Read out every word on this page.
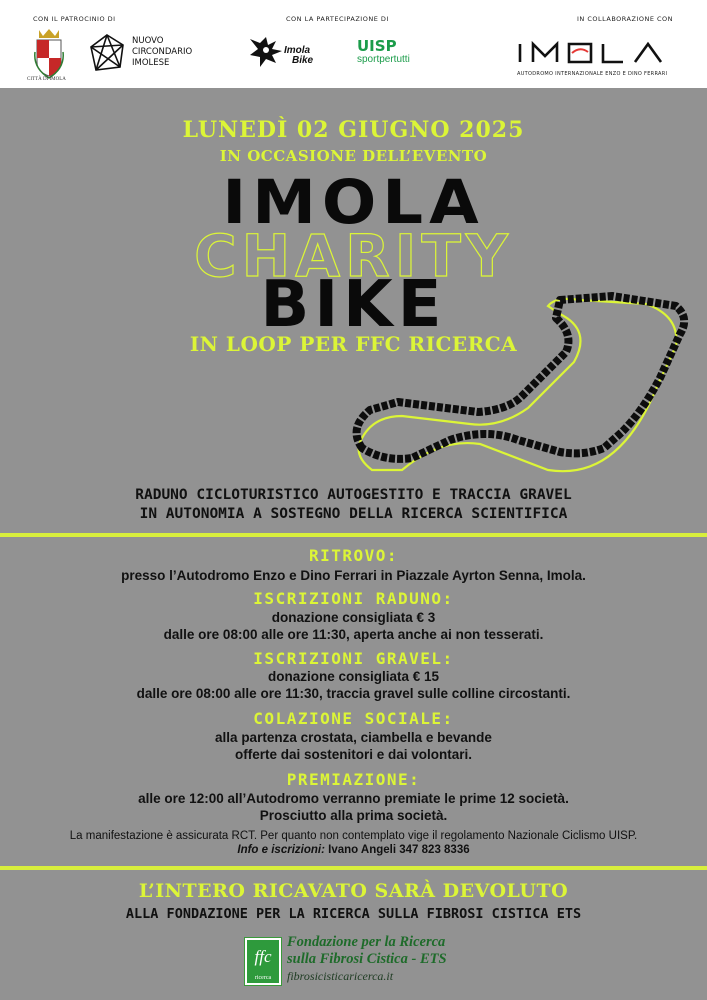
CON IL PATROCINIO DI	CON LA PARTECIPAZIONE DI	IN COLLABORAZIONE CON
CITTÀ DI IMOLA
NUOVO
CIRCONDARIO
IMOLESE
Imola
Bike
UISP
sportpertutti
AUTODROMO INTERNAZIONALE ENZO E DINO FERRARI
LUNEDÌ 02 GIUGNO 2025
IN OCCASIONE DELL’EVENTO
IMOLA
CHARITY
BIKE
IN LOOP PER FFC RICERCA
RADUNO CICLOTURISTICO AUTOGESTITO E TRACCIA GRAVEL
IN AUTONOMIA A SOSTEGNO DELLA RICERCA SCIENTIFICA
RITROVO:
presso l’Autodromo Enzo e Dino Ferrari in Piazzale Ayrton Senna, Imola.
ISCRIZIONI RADUNO:
donazione consigliata € 3
dalle ore 08:00 alle ore 11:30, aperta anche ai non tesserati.
ISCRIZIONI GRAVEL:
donazione consigliata € 15
dalle ore 08:00 alle ore 11:30, traccia gravel sulle colline circostanti.
COLAZIONE SOCIALE:
alla partenza crostata, ciambella e bevande
offerte dai sostenitori e dai volontari.
PREMIAZIONE:
alle ore 12:00 all’Autodromo verranno premiate le prime 12 società.
Prosciutto alla prima società.
La manifestazione è assicurata RCT. Per quanto non contemplato vige il regolamento Nazionale Ciclismo UISP.
Info e iscrizioni: Ivano Angeli 347 823 8336
L’INTERO RICAVATO SARÀ DEVOLUTO
ALLA FONDAZIONE PER LA RICERCA SULLA FIBROSI CISTICA ETS
ffc
ricerca
Fondazione per la Ricerca
sulla Fibrosi Cistica - ETS
fibrosicisticaricerca.it
